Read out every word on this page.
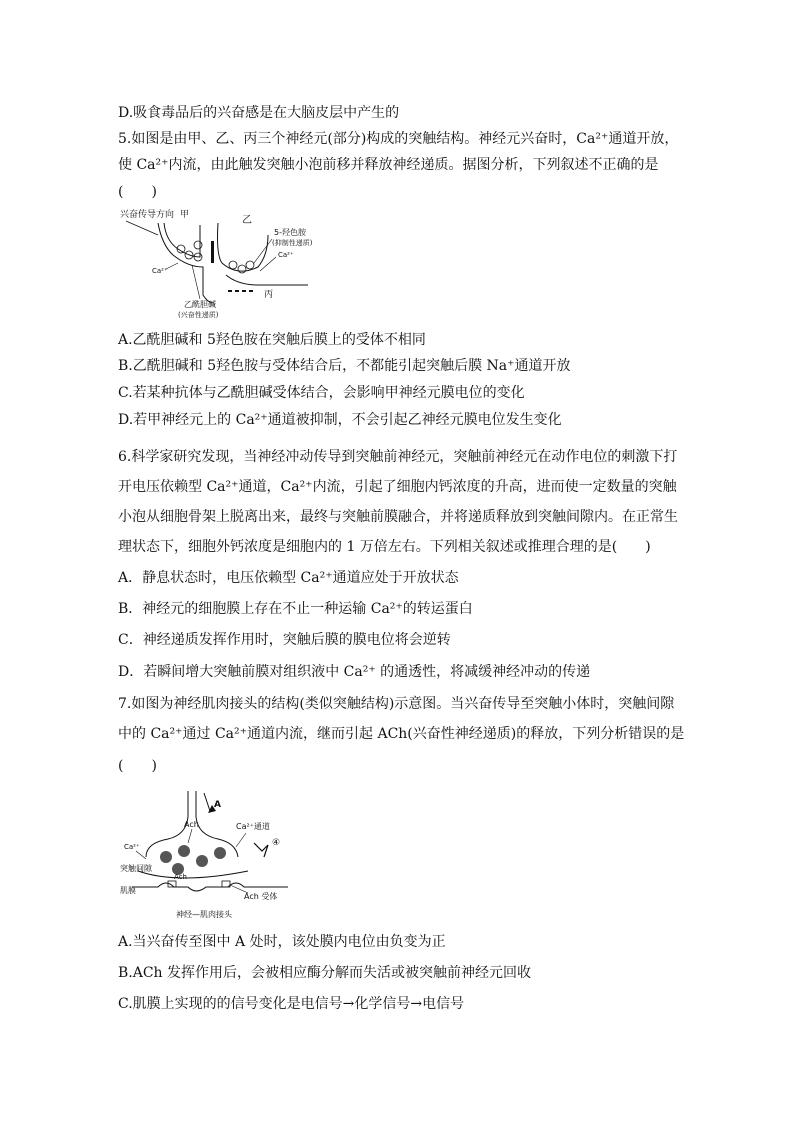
D.吸食毒品后的兴奋感是在大脑皮层中产生的
5.如图是由甲、乙、丙三个神经元(部分)构成的突触结构。神经元兴奋时，Ca²⁺通道开放，
使 Ca²⁺内流，由此触发突触小泡前移并释放神经递质。据图分析，下列叙述不正确的是
(　　)
兴奋传导方向 甲	乙
丙
5-羟色胺
(抑制性递质)
Ca²⁺
Ca²⁺
乙酰胆碱
(兴奋性递质)
A.乙酰胆碱和 5羟色胺在突触后膜上的受体不相同
B.乙酰胆碱和 5羟色胺与受体结合后，不都能引起突触后膜 Na⁺通道开放
C.若某种抗体与乙酰胆碱受体结合，会影响甲神经元膜电位的变化
D.若甲神经元上的 Ca²⁺通道被抑制，不会引起乙神经元膜电位发生变化
6.科学家研究发现，当神经冲动传导到突触前神经元，突触前神经元在动作电位的刺激下打
开电压依赖型 Ca²⁺通道，Ca²⁺内流，引起了细胞内钙浓度的升高，进而使一定数量的突触
小泡从细胞骨架上脱离出来，最终与突触前膜融合，并将递质释放到突触间隙内。在正常生
理状态下，细胞外钙浓度是细胞内的 1 万倍左右。下列相关叙述或推理合理的是(　　)
A．静息状态时，电压依赖型 Ca²⁺通道应处于开放状态
B．神经元的细胞膜上存在不止一种运输 Ca²⁺的转运蛋白
C．神经递质发挥作用时，突触后膜的膜电位将会逆转
D．若瞬间增大突触前膜对组织液中 Ca²⁺ 的通透性，将减缓神经冲动的传递
7.如图为神经肌肉接头的结构(类似突触结构)示意图。当兴奋传导至突触小体时，突触间隙
中的 Ca²⁺通过 Ca²⁺通道内流，继而引起 ACh(兴奋性神经递质)的释放，下列分析错误的是
(　　)
A
Ach
Ca²⁺
Ca²⁺通道
④
突触间隙
Ach
肌膜
Ach 受体
神经—肌肉接头
A.当兴奋传至图中 A 处时，该处膜内电位由负变为正
B.ACh 发挥作用后，会被相应酶分解而失活或被突触前神经元回收
C.肌膜上实现的的信号变化是电信号→化学信号→电信号
